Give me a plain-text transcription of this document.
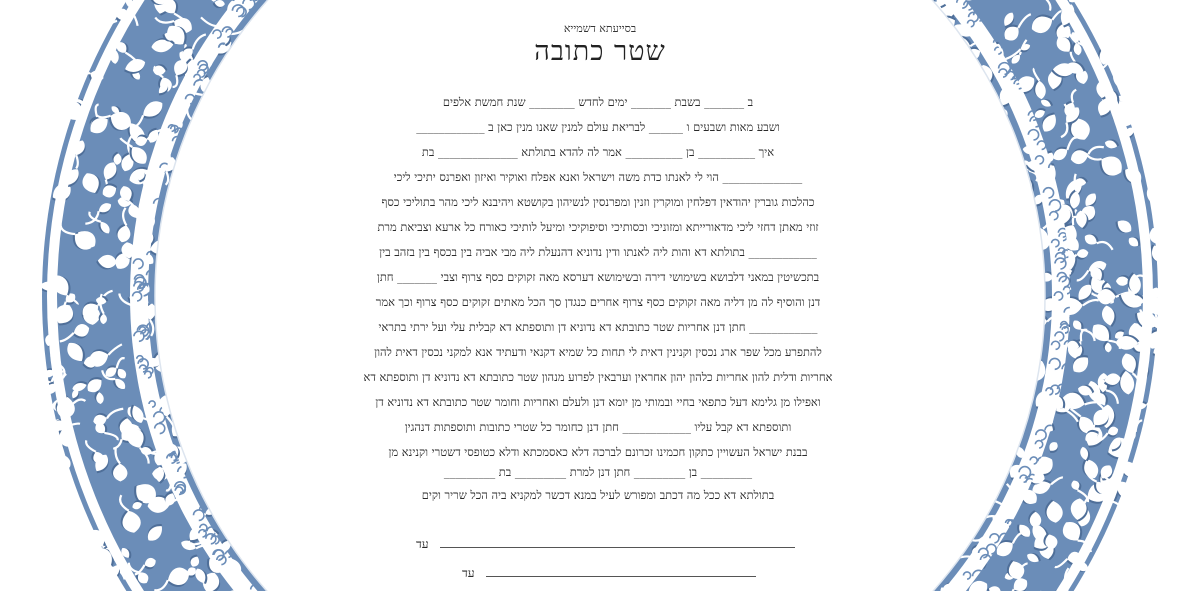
בסייעתא דשמייא
שטר כתובה
ב _______ בשבת _______ ימים לחדש ________ שנת חמשת אלפים
ושבע מאות ושבעים ו ______ לבריאת עולם למנין שאנו מנין כאן ב ____________
איך __________ בן __________ אמר לה להדא בתולתא ______________ בת
______________ הוי לי לאנתו כדת משה וישראל ואנא אפלח ואוקיר ואיזון ואפרנס יתיכי ליכי
כהלכות גוברין יהודאין דפלחין ומוקרין וזנין ומפרנסין לנשיהון בקושטא ויהיבנא ליכי מהר בתוליכי כסף
זוזי מאתן דחזי ליכי מדאורייתא ומזוניכי וכסותיכי וסיפוקיכי ומיעל לותיכי כאורח כל ארעא וצביאת מרת
____________ בתולתא דא והות ליה לאנתו ודין נדוניא דהנעלת ליה מבי אביה בין בכסף בין בזהב בין
בתכשיטין במאני דלבושא בשימושי דירה ובשימושא דערסא מאה זקוקים כסף צרוף וצבי _______ חתן
דנן והוסיף לה מן דליה מאה זקוקים כסף צרוף אחרים כנגדן סך הכל מאתים זקוקים כסף צרוף וכך אמר
____________ חתן דנן אחריות שטר כתובתא דא נדוניא דן ותוספתא דא קבלית עלי ועל ירתי בתראי
להתפרע מכל שפר ארג נכסין וקנינין דאית לי תחות כל שמיא דקנאי ודעתיד אנא למקני נכסין דאית להון
אחריות ודלית להון אחריות כלהון יהון אחראין וערבאין לפרוע מנהון שטר כתובתא דא נדוניא דן ותוספתא דא
ואפילו מן גלימא דעל כתפאי בחיי ובמותי מן יומא דנן ולעלם ואחריות וחומר שטר כתובתא דא נדוניא דן
ותוספתא דא קבל עליו ____________ חתן דנן כחומר כל שטרי כתובות ותוספתות דנהגין
בבנת ישראל העשויין כתקון חכמינו זכרונם לברכה דלא כאסמכתא ודלא כטופסי דשטרי וקנינא מן
_________ בן _________ חתן דנן למרת _________ בת _________
בתולתא דא ככל מה דכתב ומפורש לעיל במנא דכשר למקניא ביה הכל שריר וקים
עד
עד
